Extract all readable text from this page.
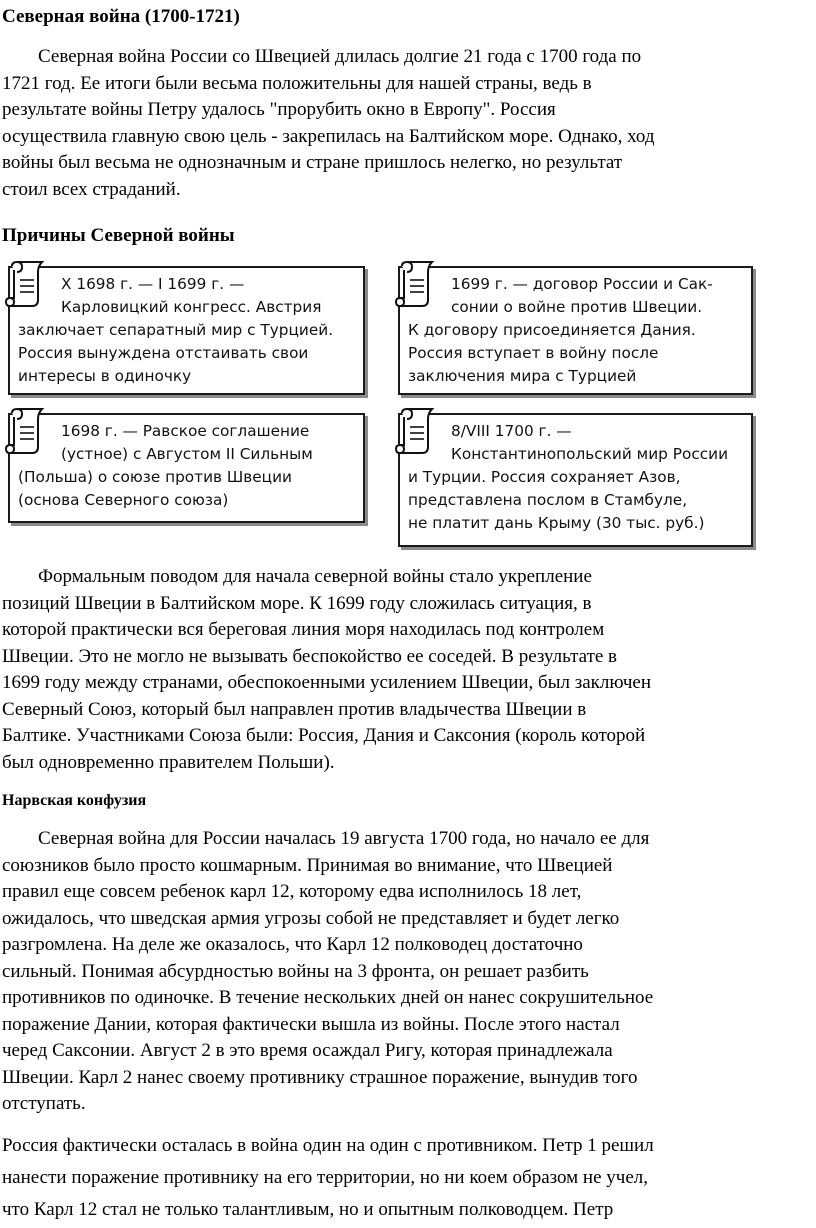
Северная война (1700-1721)
Северная война России со Швецией длилась долгие 21 года с 1700 года по
1721 год. Ее итоги были весьма положительны для нашей страны, ведь в
результате войны Петру удалось "прорубить окно в Европу". Россия
осуществила главную свою цель - закрепилась на Балтийском море. Однако, ход
войны был весьма не однозначным и стране пришлось нелегко, но результат
стоил всех страданий.
Причины Северной войны
Х 1698 г. — I 1699 г. —
Карловицкий конгресс. Австрия
заключает сепаратный мир с Турцией.
Россия вынуждена отстаивать свои
интересы в одиночку
1699 г. — договор России и Сак-
сонии о войне против Швеции.
К договору присоединяется Дания.
Россия вступает в войну после
заключения мира с Турцией
1698 г. — Равское соглашение
(устное) с Августом II Сильным
(Польша) о союзе против Швеции
(основа Северного союза)
8/VIII 1700 г. —
Константинопольский мир России
и Турции. Россия сохраняет Азов,
представлена послом в Стамбуле,
не платит дань Крыму (30 тыс. руб.)
Формальным поводом для начала северной войны стало укрепление
позиций Швеции в Балтийском море. К 1699 году сложилась ситуация, в
которой практически вся береговая линия моря находилась под контролем
Швеции. Это не могло не вызывать беспокойство ее соседей. В результате в
1699 году между странами, обеспокоенными усилением Швеции, был заключен
Северный Союз, который был направлен против владычества Швеции в
Балтике. Участниками Союза были: Россия, Дания и Саксония (король которой
был одновременно правителем Польши).
Нарвская конфузия
Северная война для России началась 19 августа 1700 года, но начало ее для
союзников было просто кошмарным. Принимая во внимание, что Швецией
правил еще совсем ребенок карл 12, которому едва исполнилось 18 лет,
ожидалось, что шведская армия угрозы собой не представляет и будет легко
разгромлена. На деле же оказалось, что Карл 12 полководец достаточно
сильный. Понимая абсурдностью войны на 3 фронта, он решает разбить
противников по одиночке. В течение нескольких дней он нанес сокрушительное
поражение Дании, которая фактически вышла из войны. После этого настал
черед Саксонии. Август 2 в это время осаждал Ригу, которая принадлежала
Швеции. Карл 2 нанес своему противнику страшное поражение, вынудив того
отступать.
Россия фактически осталась в война один на один с противником. Петр 1 решил
нанести поражение противнику на его территории, но ни коем образом не учел,
что Карл 12 стал не только талантливым, но и опытным полководцем. Петр
